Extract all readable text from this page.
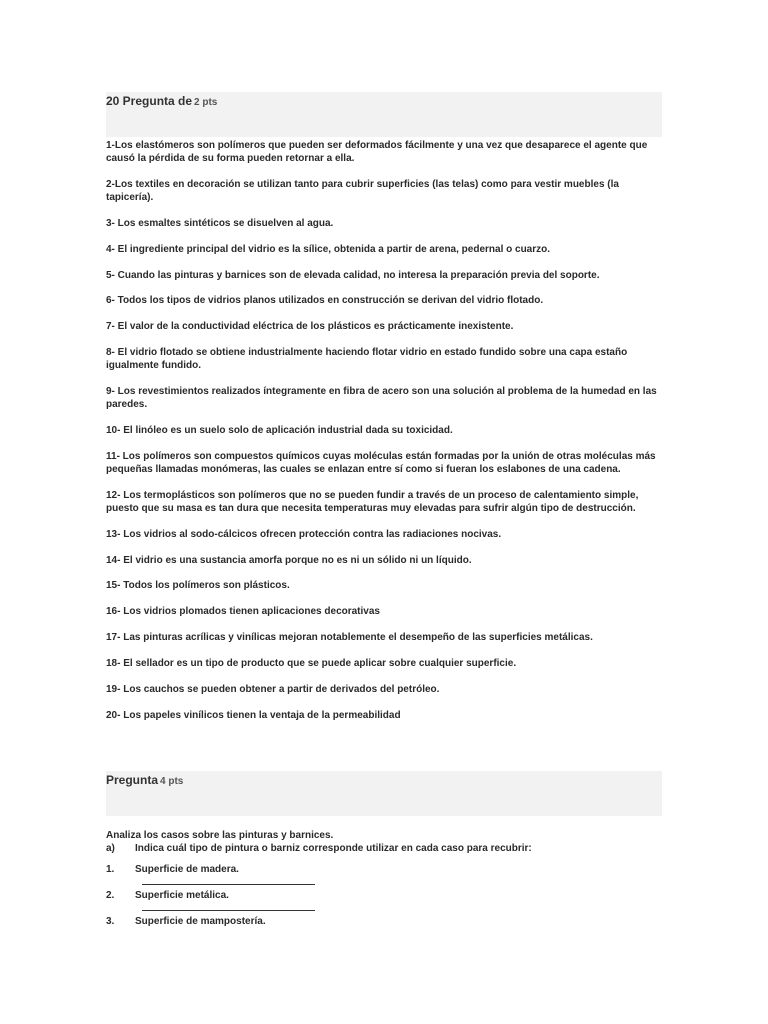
20 Pregunta de 2 pts
1-Los elastómeros son polímeros que pueden ser deformados fácilmente y una vez que desaparece el agente que causó la pérdida de su forma pueden retornar a ella.
2-Los textiles en decoración se utilizan tanto para cubrir superficies (las telas) como para vestir muebles (la tapicería).
3- Los esmaltes sintéticos se disuelven al agua.
4- El ingrediente principal del vidrio es la sílice, obtenida a partir de arena, pedernal o cuarzo.
5- Cuando las pinturas y barnices son de elevada calidad, no interesa la preparación previa del soporte.
6- Todos los tipos de vidrios planos utilizados en construcción se derivan del vidrio flotado.
7- El valor de la conductividad eléctrica de los plásticos es prácticamente inexistente.
8- El vidrio flotado se obtiene industrialmente haciendo flotar vidrio en estado fundido sobre una capa estaño igualmente fundido.
9- Los revestimientos realizados íntegramente en fibra de acero son una solución al problema de la humedad en las paredes.
10- El linóleo es un suelo solo de aplicación industrial dada su toxicidad.
11- Los polímeros son compuestos químicos cuyas moléculas están formadas por la unión de otras moléculas más pequeñas llamadas monómeras, las cuales se enlazan entre sí como si fueran los eslabones de una cadena.
12- Los termoplásticos son polímeros que no se pueden fundir a través de un proceso de calentamiento simple, puesto que su masa es tan dura que necesita temperaturas muy elevadas para sufrir algún tipo de destrucción.
13- Los vidrios al sodo-cálcicos ofrecen protección contra las radiaciones nocivas.
14- El vidrio es una sustancia amorfa porque no es ni un sólido ni un líquido.
15- Todos los polímeros son plásticos.
16- Los vidrios plomados tienen aplicaciones decorativas
17- Las pinturas acrílicas y vinílicas mejoran notablemente el desempeño de las superficies metálicas.
18- El sellador es un tipo de producto que se puede aplicar sobre cualquier superficie.
19- Los cauchos se pueden obtener a partir de derivados del petróleo.
20- Los papeles vinílicos tienen la ventaja de la permeabilidad
Pregunta 4 pts
Analiza los casos sobre las pinturas y barnices.
a)	Indica cuál tipo de pintura o barniz corresponde utilizar en cada caso para recubrir:
1.	Superficie de madera.
2.	Superficie metálica.
3.	Superficie de mampostería.
